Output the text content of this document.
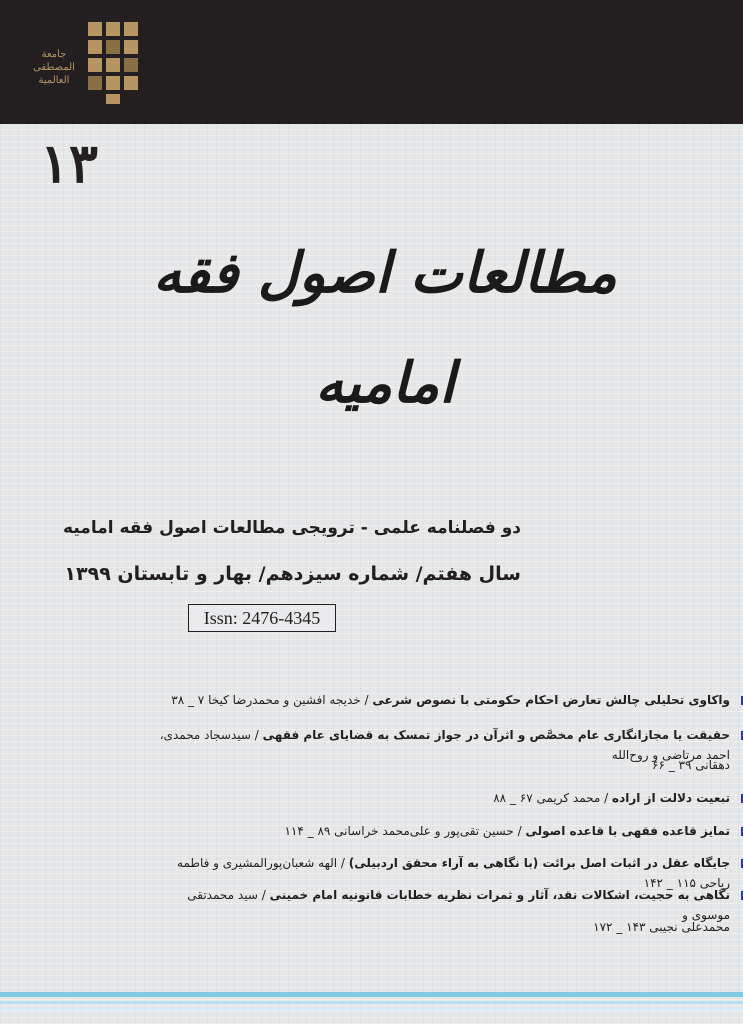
جامعة المصطفى العالمية
۱۳
مطالعات اصول فقه امامیه
دو فصلنامه علمی - ترویجی مطالعات اصول فقه امامیه
سال هفتم/ شماره سیزدهم/ بهار و تابستان ۱۳۹۹
Issn: 2476-4345
واکاوی تحلیلی چالش تعارض احکام حکومتی با نصوص شرعی / خدیجه افشین و محمدرضا کیخا ۷ _ ۳۸
حقیقت یا مجازانگاری عام مخصَّص و اثرآن در جواز تمسک به قضایای عام فقهی / سیدسجاد محمدی، احمد مرتاضی و روح‌الله
دهقانی ۳۹ _ ۶۶
تبعیت دلالت از اراده / محمد کریمی ۶۷ _ ۸۸
تمایز قاعده فقهی با قاعده اصولی / حسین تقی‌پور و علی‌محمد خراسانی ۸۹ _ ۱۱۴
جایگاه عقل در اثبات اصل برائت (با نگاهی به آراء محقق اردبیلی) / الهه شعبان‌پورالمشیری و فاطمه ریاحی ۱۱۵ _ ۱۴۲
نگاهی به حجیت، اشکالات نقد، آثار و ثمرات نظریه خطابات قانونیه امام خمینی / سید محمدتقی موسوی و
محمدعلی نجیبی ۱۴۳ _ ۱۷۲
